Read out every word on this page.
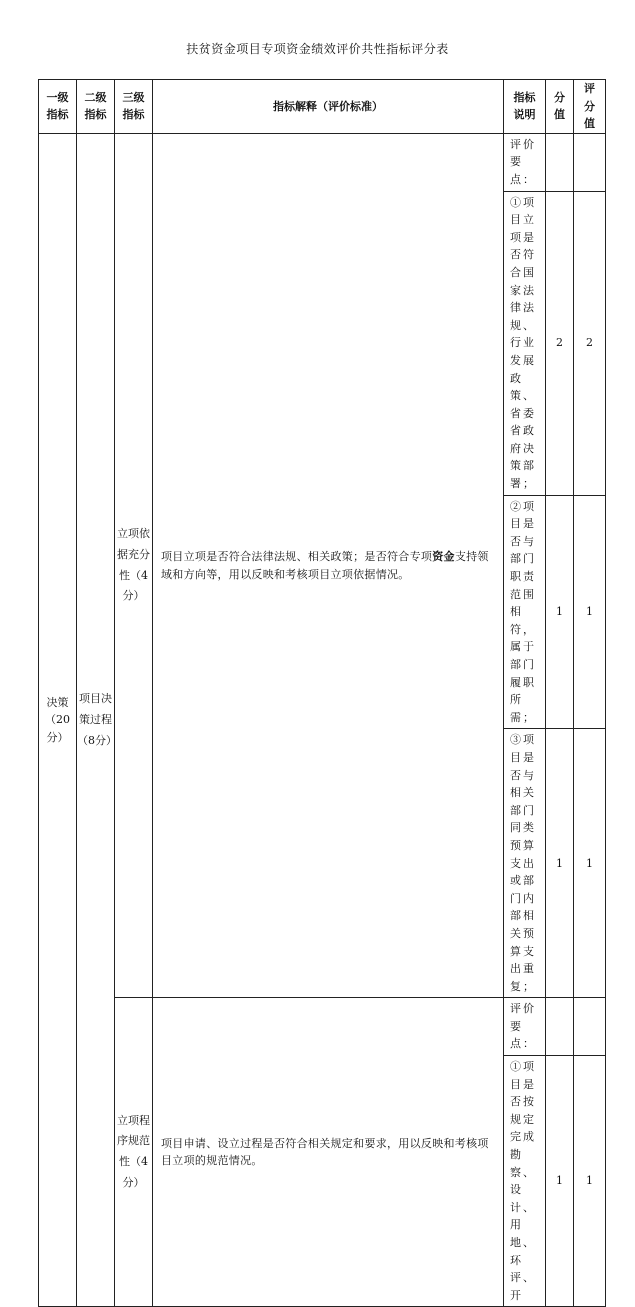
扶贫资金项目专项资金绩效评价共性指标评分表
一级指标	二级指标	三级指标	指标解释（评价标准）	指标说明	分值	评分值
决策（20分）	项目决策过程（8分）	立项依据充分性（4分）	项目立项是否符合法律法规、相关政策；是否符合专项资金支持领域和方向等，用以反映和考核项目立项依据情况。	评价要点：		
				①项目立项是否符合国家法律法规、行业发展政策、省委省政府决策部署；	2	2
				②项目是否与部门职责范围相符，属于部门履职所需；	1	1
				③项目是否与相关部门同类预算支出或部门内部相关预算支出重复；	1	1
		立项程序规范性（4分）	项目申请、设立过程是否符合相关规定和要求，用以反映和考核项目立项的规范情况。	评价要点：		
				①项目是否按规定完成勘察、设计、用地、环评、开	1	1
